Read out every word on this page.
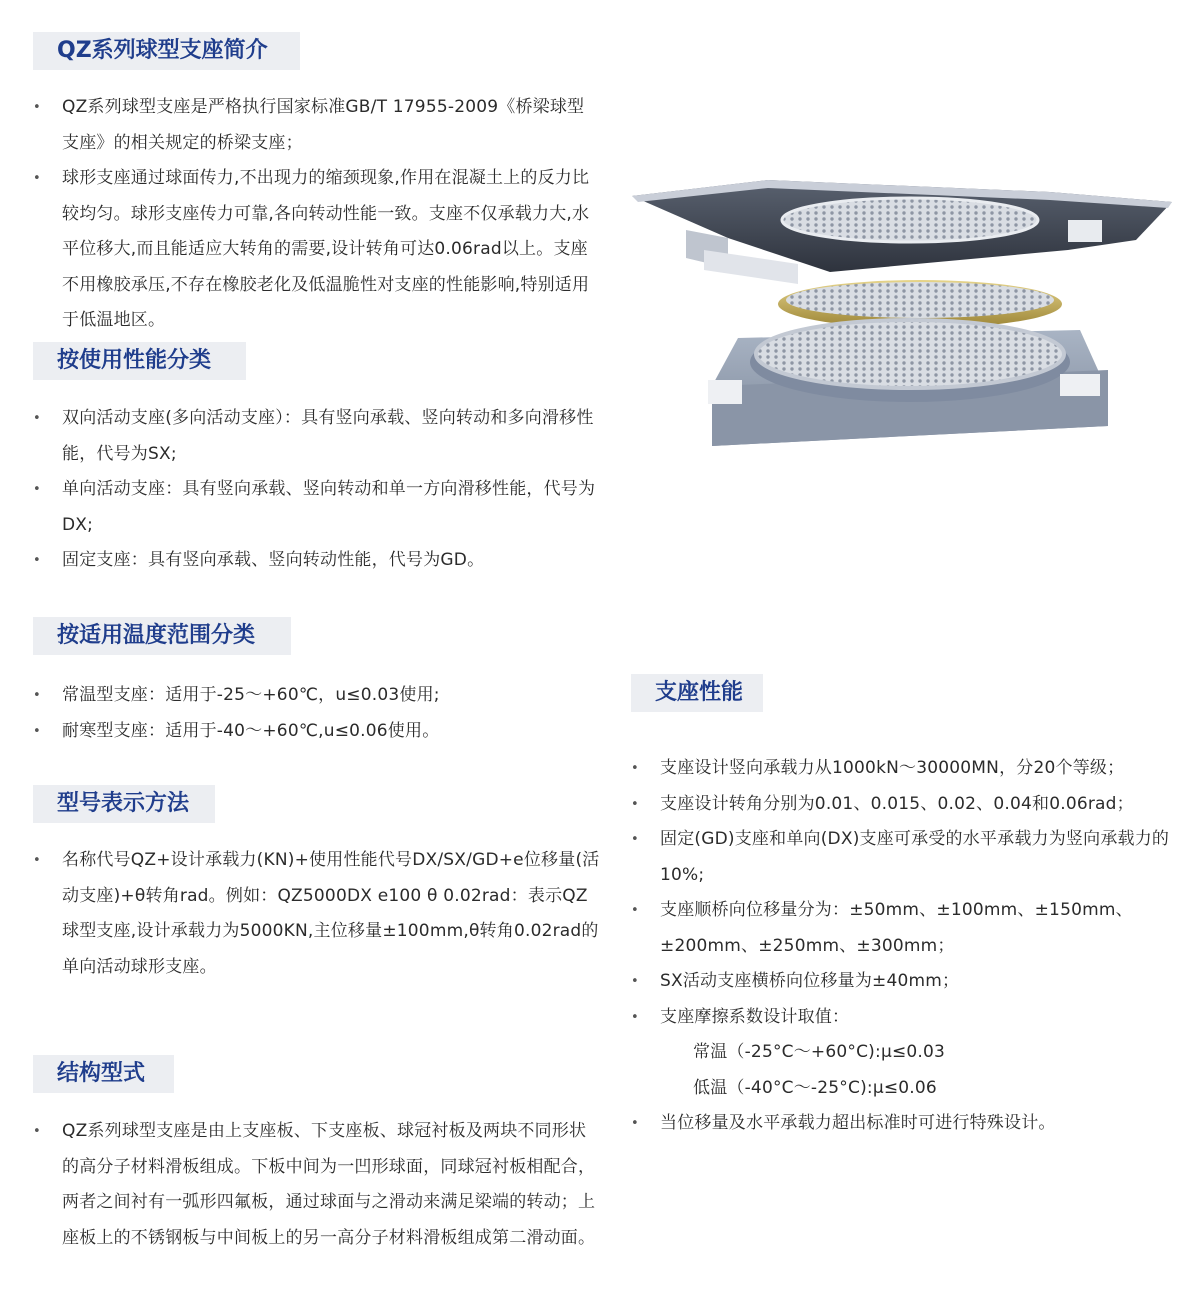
QZ系列球型支座简介
• QZ系列球型支座是严格执行国家标准GB/T 17955-2009《桥梁球型支座》的相关规定的桥梁支座；
• 球形支座通过球面传力,不出现力的缩颈现象,作用在混凝土上的反力比较均匀。球形支座传力可靠,各向转动性能一致。支座不仅承载力大,水平位移大,而且能适应大转角的需要,设计转角可达0.06rad以上。支座不用橡胶承压,不存在橡胶老化及低温脆性对支座的性能影响,特别适用于低温地区。
按使用性能分类
• 双向活动支座(多向活动支座）：具有竖向承载、竖向转动和多向滑移性能，代号为SX;
• 单向活动支座：具有竖向承载、竖向转动和单一方向滑移性能，代号为DX;
• 固定支座：具有竖向承载、竖向转动性能，代号为GD。
按适用温度范围分类
• 常温型支座：适用于-25～+60℃，u≤0.03使用;
• 耐寒型支座：适用于-40～+60℃,u≤0.06使用。
型号表示方法
• 名称代号QZ+设计承载力(KN)+使用性能代号DX/SX/GD+e位移量(活动支座)+θ转角rad。例如：QZ5000DX e100 θ 0.02rad：表示QZ球型支座,设计承载力为5000KN,主位移量±100mm,θ转角0.02rad的单向活动球形支座。
结构型式
• QZ系列球型支座是由上支座板、下支座板、球冠衬板及两块不同形状的高分子材料滑板组成。下板中间为一凹形球面，同球冠衬板相配合，两者之间衬有一弧形四氟板，通过球面与之滑动来满足梁端的转动；上座板上的不锈钢板与中间板上的另一高分子材料滑板组成第二滑动面。
支座性能
• 支座设计竖向承载力从1000kN～30000MN，分20个等级；
• 支座设计转角分别为0.01、0.015、0.02、0.04和0.06rad；
• 固定(GD)支座和单向(DX)支座可承受的水平承载力为竖向承载力的10%;
• 支座顺桥向位移量分为：±50mm、±100mm、±150mm、±200mm、±250mm、±300mm；
• SX活动支座横桥向位移量为±40mm；
• 支座摩擦系数设计取值：
常温（-25°C～+60°C):μ≤0.03
低温（-40°C～-25°C):μ≤0.06
• 当位移量及水平承载力超出标准时可进行特殊设计。
